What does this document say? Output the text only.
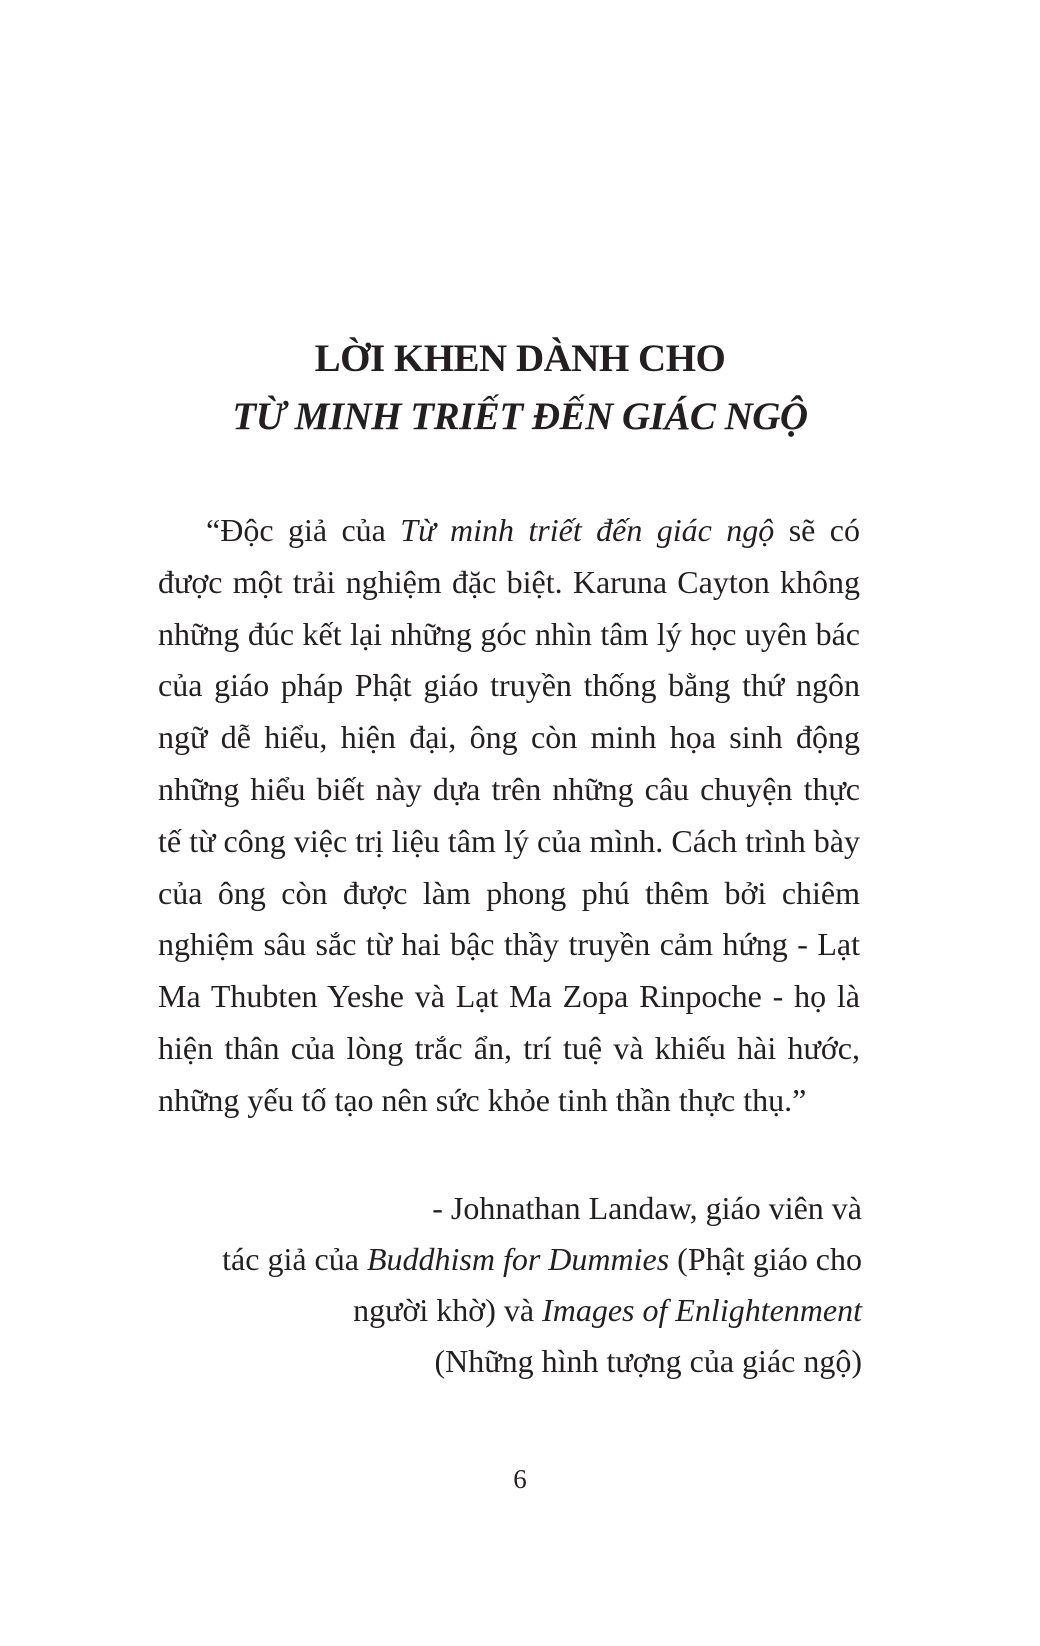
LỜI KHEN DÀNH CHO
TỪ MINH TRIẾT ĐẾN GIÁC NGỘ

“Độc giả của Từ minh triết đến giác ngộ sẽ có được một trải nghiệm đặc biệt. Karuna Cayton không những đúc kết lại những góc nhìn tâm lý học uyên bác của giáo pháp Phật giáo truyền thống bằng thứ ngôn ngữ dễ hiểu, hiện đại, ông còn minh họa sinh động những hiểu biết này dựa trên những câu chuyện thực tế từ công việc trị liệu tâm lý của mình. Cách trình bày của ông còn được làm phong phú thêm bởi chiêm nghiệm sâu sắc từ hai bậc thầy truyền cảm hứng - Lạt Ma Thubten Yeshe và Lạt Ma Zopa Rinpoche - họ là hiện thân của lòng trắc ẩn, trí tuệ và khiếu hài hước, những yếu tố tạo nên sức khỏe tinh thần thực thụ.”

- Johnathan Landaw, giáo viên và
tác giả của Buddhism for Dummies (Phật giáo cho
người khờ) và Images of Enlightenment
(Những hình tượng của giác ngộ)
6
